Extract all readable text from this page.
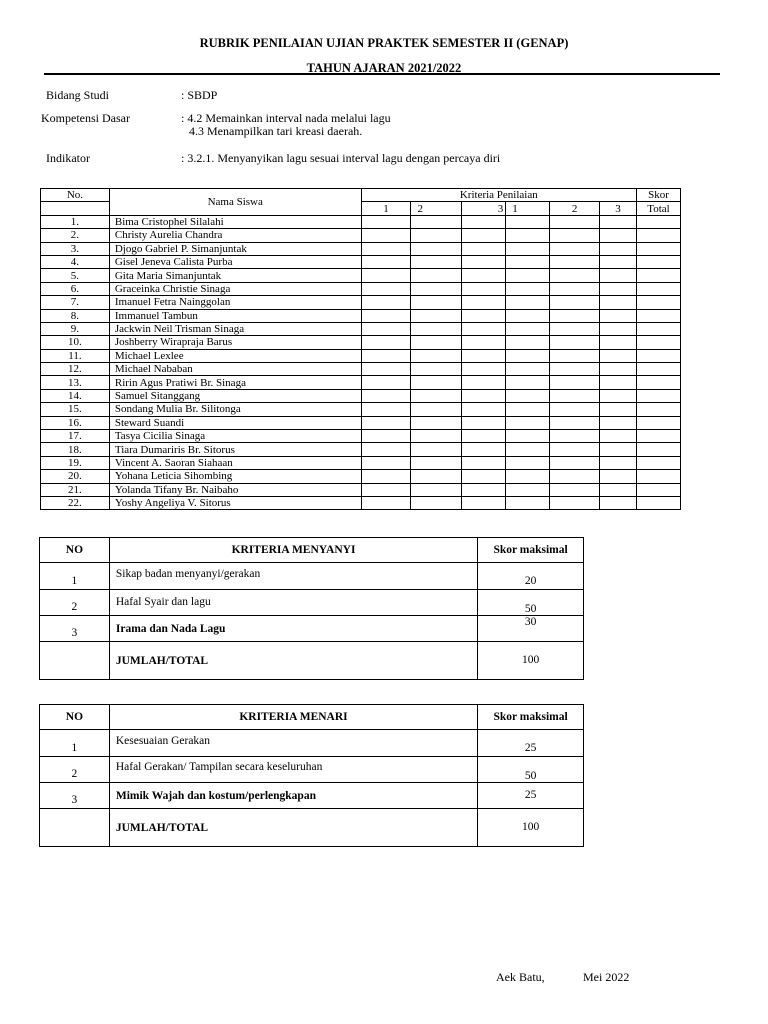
RUBRIK PENILAIAN UJIAN PRAKTEK SEMESTER II (GENAP)
TAHUN AJARAN 2021/2022
Bidang Studi	: SBDP
Kompetensi Dasar	: 4.2 Memainkan interval nada melalui lagu
4.3 Menampilkan tari kreasi daerah.
Indikator	: 3.2.1. Menyanyikan lagu sesuai interval lagu dengan percaya diri
No.	Nama Siswa	Kriteria Penilaian						Skor
		1	2	3	1	2	3	Total
1.	Bima Cristophel Silalahi							
2.	Christy Aurelia Chandra							
3.	Djogo Gabriel P. Simanjuntak							
4.	Gisel Jeneva Calista Purba							
5.	Gita Maria Simanjuntak							
6.	Graceinka Christie Sinaga							
7.	Imanuel Fetra Nainggolan							
8.	Immanuel Tambun							
9.	Jackwin Neil Trisman Sinaga							
10.	Joshberry Wirapraja Barus							
11.	Michael Lexlee							
12.	Michael Nababan							
13.	Ririn Agus Pratiwi Br. Sinaga							
14.	Samuel Sitanggang							
15.	Sondang Mulia Br. Silitonga							
16.	Steward Suandi							
17.	Tasya Cicilia Sinaga							
18.	Tiara Dumariris Br. Sitorus							
19.	Vincent A. Saoran Siahaan							
20.	Yohana Leticia Sihombing							
21.	Yolanda Tifany Br. Naibaho							
22.	Yoshy Angeliya V. Sitorus							
NO	KRITERIA MENYANYI	Skor maksimal
1	Sikap badan menyanyi/gerakan	20
2	Hafal Syair dan lagu	50
3	Irama dan Nada Lagu	30
	JUMLAH/TOTAL	100
NO	KRITERIA MENARI	Skor maksimal
1	Kesesuaian Gerakan	25
2	Hafal Gerakan/ Tampilan secara keseluruhan	50
3	Mimik Wajah dan kostum/perlengkapan	25
	JUMLAH/TOTAL	100
Aek Batu,	Mei 2022
